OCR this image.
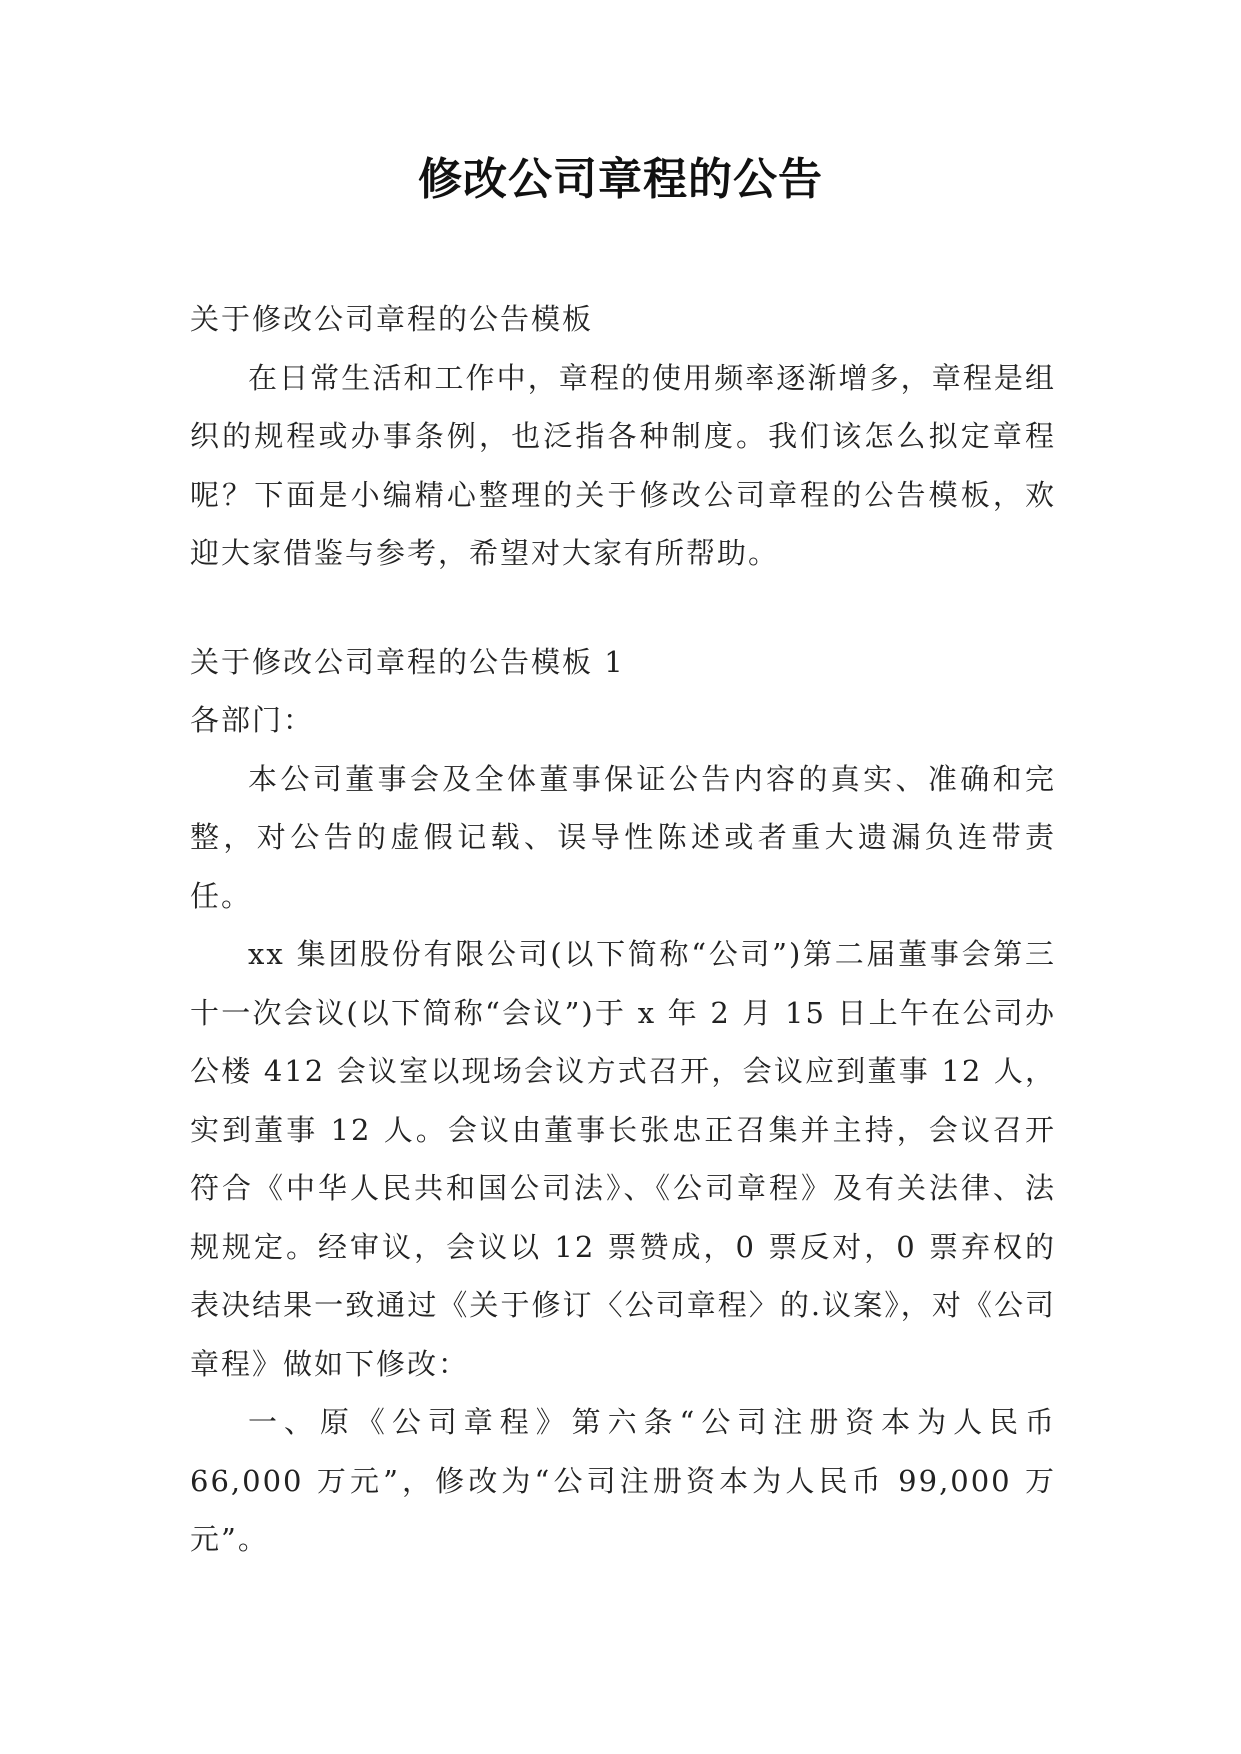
修改公司章程的公告

关于修改公司章程的公告模板

在日常生活和工作中，章程的使用频率逐渐增多，章程是组织的规程或办事条例，也泛指各种制度。我们该怎么拟定章程呢？下面是小编精心整理的关于修改公司章程的公告模板，欢迎大家借鉴与参考，希望对大家有所帮助。

关于修改公司章程的公告模板 1

各部门：

本公司董事会及全体董事保证公告内容的真实、准确和完整，对公告的虚假记载、误导性陈述或者重大遗漏负连带责任。

xx 集团股份有限公司(以下简称“公司”)第二届董事会第三十一次会议(以下简称“会议”)于 x 年 2 月 15 日上午在公司办公楼 412 会议室以现场会议方式召开，会议应到董事 12 人，实到董事 12 人。会议由董事长张忠正召集并主持，会议召开符合《中华人民共和国公司法》、《公司章程》及有关法律、法规规定。经审议，会议以 12 票赞成，0 票反对，0 票弃权的表决结果一致通过《关于修订〈公司章程〉的.议案》，对《公司章程》做如下修改：

一、原《公司章程》第六条“公司注册资本为人民币 66,000 万元”，修改为“公司注册资本为人民币 99,000 万元”。
